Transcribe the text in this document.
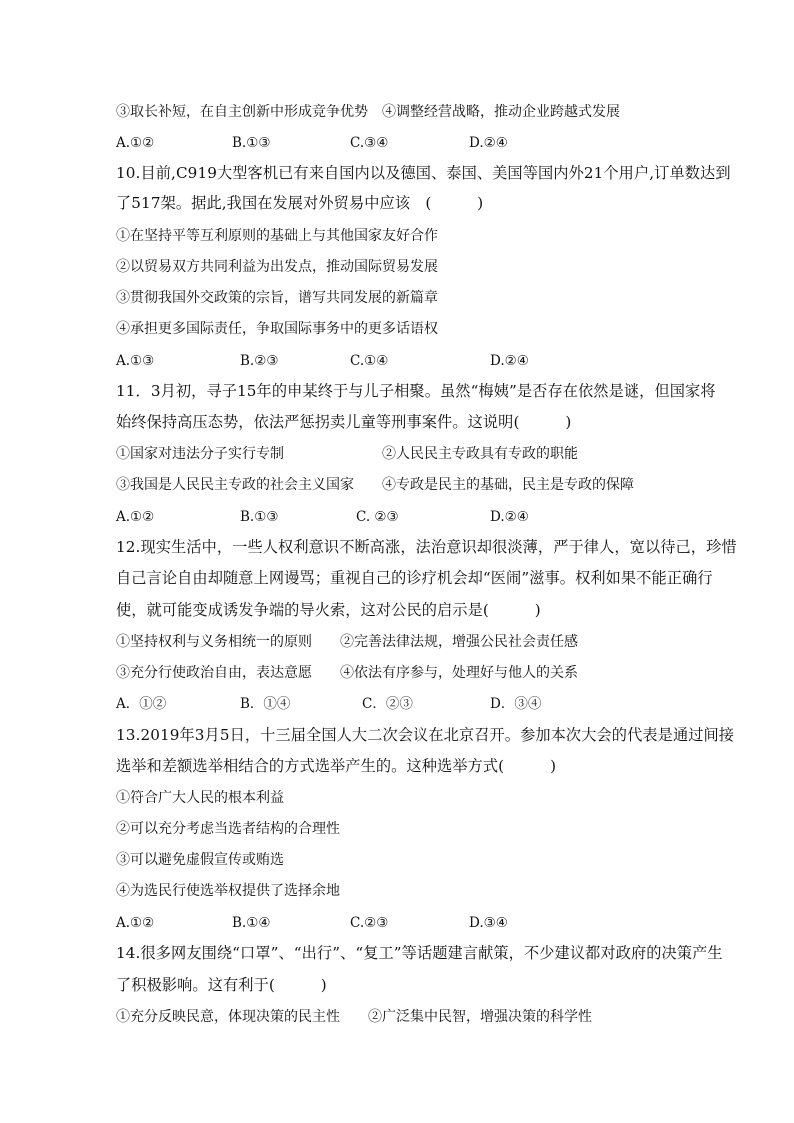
③取长补短，在自主创新中形成竞争优势　④调整经营战略，推动企业跨越式发展
A.①②	B.①③	C.③④	D.②④
10.目前,C919大型客机已有来自国内以及德国、泰国、美国等国内外21个用户,订单数达到
了517架。据此,我国在发展对外贸易中应该　(　　　)
①在坚持平等互利原则的基础上与其他国家友好合作
②以贸易双方共同利益为出发点，推动国际贸易发展
③贯彻我国外交政策的宗旨，谱写共同发展的新篇章
④承担更多国际责任，争取国际事务中的更多话语权
A.①③	B.②③	C.①④	D.②④
11．3月初，寻子15年的申某终于与儿子相聚。虽然“梅姨”是否存在依然是谜，但国家将
始终保持高压态势，依法严惩拐卖儿童等刑事案件。这说明(　　　)
①国家对违法分子实行专制　　　　　　　②人民民主专政具有专政的职能
③我国是人民民主专政的社会主义国家　　④专政是民主的基础，民主是专政的保障
A.①②	B.①③	C. ②③	D.②④
12.现实生活中，一些人权利意识不断高涨，法治意识却很淡薄，严于律人，宽以待己，珍惜
自己言论自由却随意上网谩骂；重视自己的诊疗机会却“医闹”滋事。权利如果不能正确行
使，就可能变成诱发争端的导火索，这对公民的启示是(　　　)
①坚持权利与义务相统一的原则　　②完善法律法规，增强公民社会责任感
③充分行使政治自由，表达意愿　　④依法有序参与，处理好与他人的关系
A．①②	B．①④	C．②③	D．③④
13.2019年3月5日，十三届全国人大二次会议在北京召开。参加本次大会的代表是通过间接
选举和差额选举相结合的方式选举产生的。这种选举方式(　　　)
①符合广大人民的根本利益
②可以充分考虑当选者结构的合理性
③可以避免虚假宣传或贿选
④为选民行使选举权提供了选择余地
A.①②	B.①④	C.②③	D.③④
14.很多网友围绕“口罩”、“出行”、“复工”等话题建言献策，不少建议都对政府的决策产生
了积极影响。这有利于(　　　)
①充分反映民意，体现决策的民主性　　②广泛集中民智，增强决策的科学性
